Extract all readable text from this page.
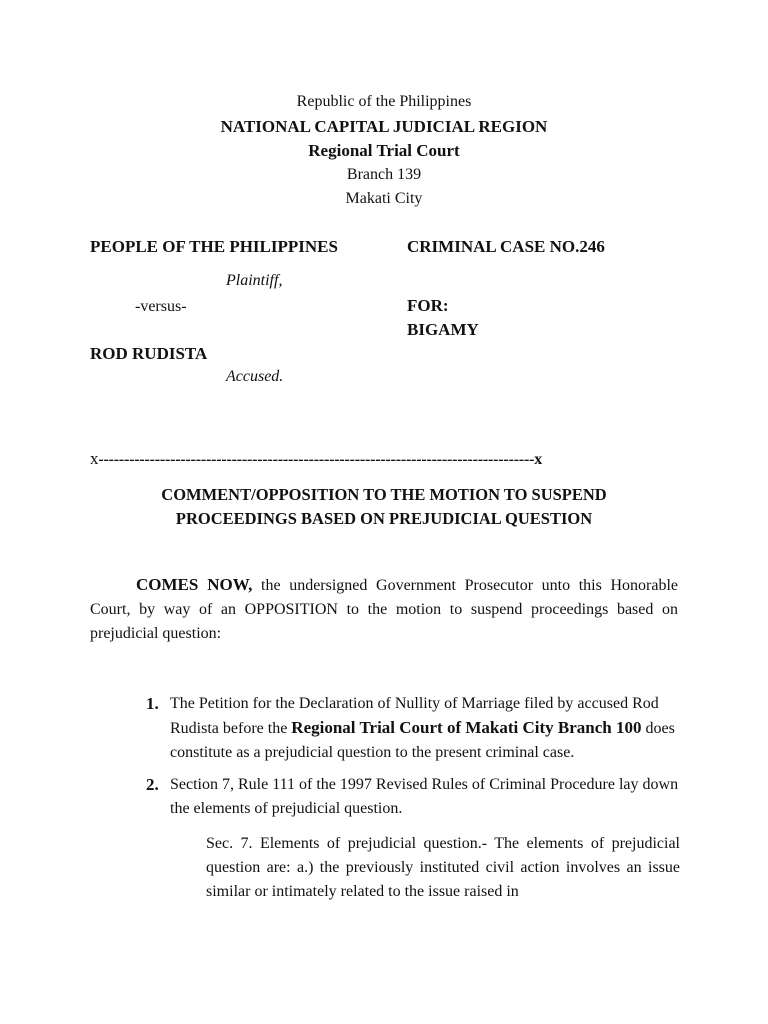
Republic of the Philippines
NATIONAL CAPITAL JUDICIAL REGION
Regional Trial Court
Branch 139
Makati City
PEOPLE OF THE PHILIPPINES	CRIMINAL CASE NO.246
Plaintiff,
-versus-	FOR:
BIGAMY
ROD RUDISTA
Accused.
x-------------------------------------------------------------------------------------x
COMMENT/OPPOSITION TO THE MOTION TO SUSPEND
PROCEEDINGS BASED ON PREJUDICIAL QUESTION
COMES NOW, the undersigned Government Prosecutor unto this Honorable Court, by way of an OPPOSITION to the motion to suspend proceedings based on prejudicial question:
1. The Petition for the Declaration of Nullity of Marriage filed by accused Rod Rudista before the Regional Trial Court of Makati City Branch 100 does constitute as a prejudicial question to the present criminal case.
2. Section 7, Rule 111 of the 1997 Revised Rules of Criminal Procedure lay down the elements of prejudicial question.
Sec. 7. Elements of prejudicial question.- The elements of prejudicial question are: a.) the previously instituted civil action involves an issue similar or intimately related to the issue raised in
